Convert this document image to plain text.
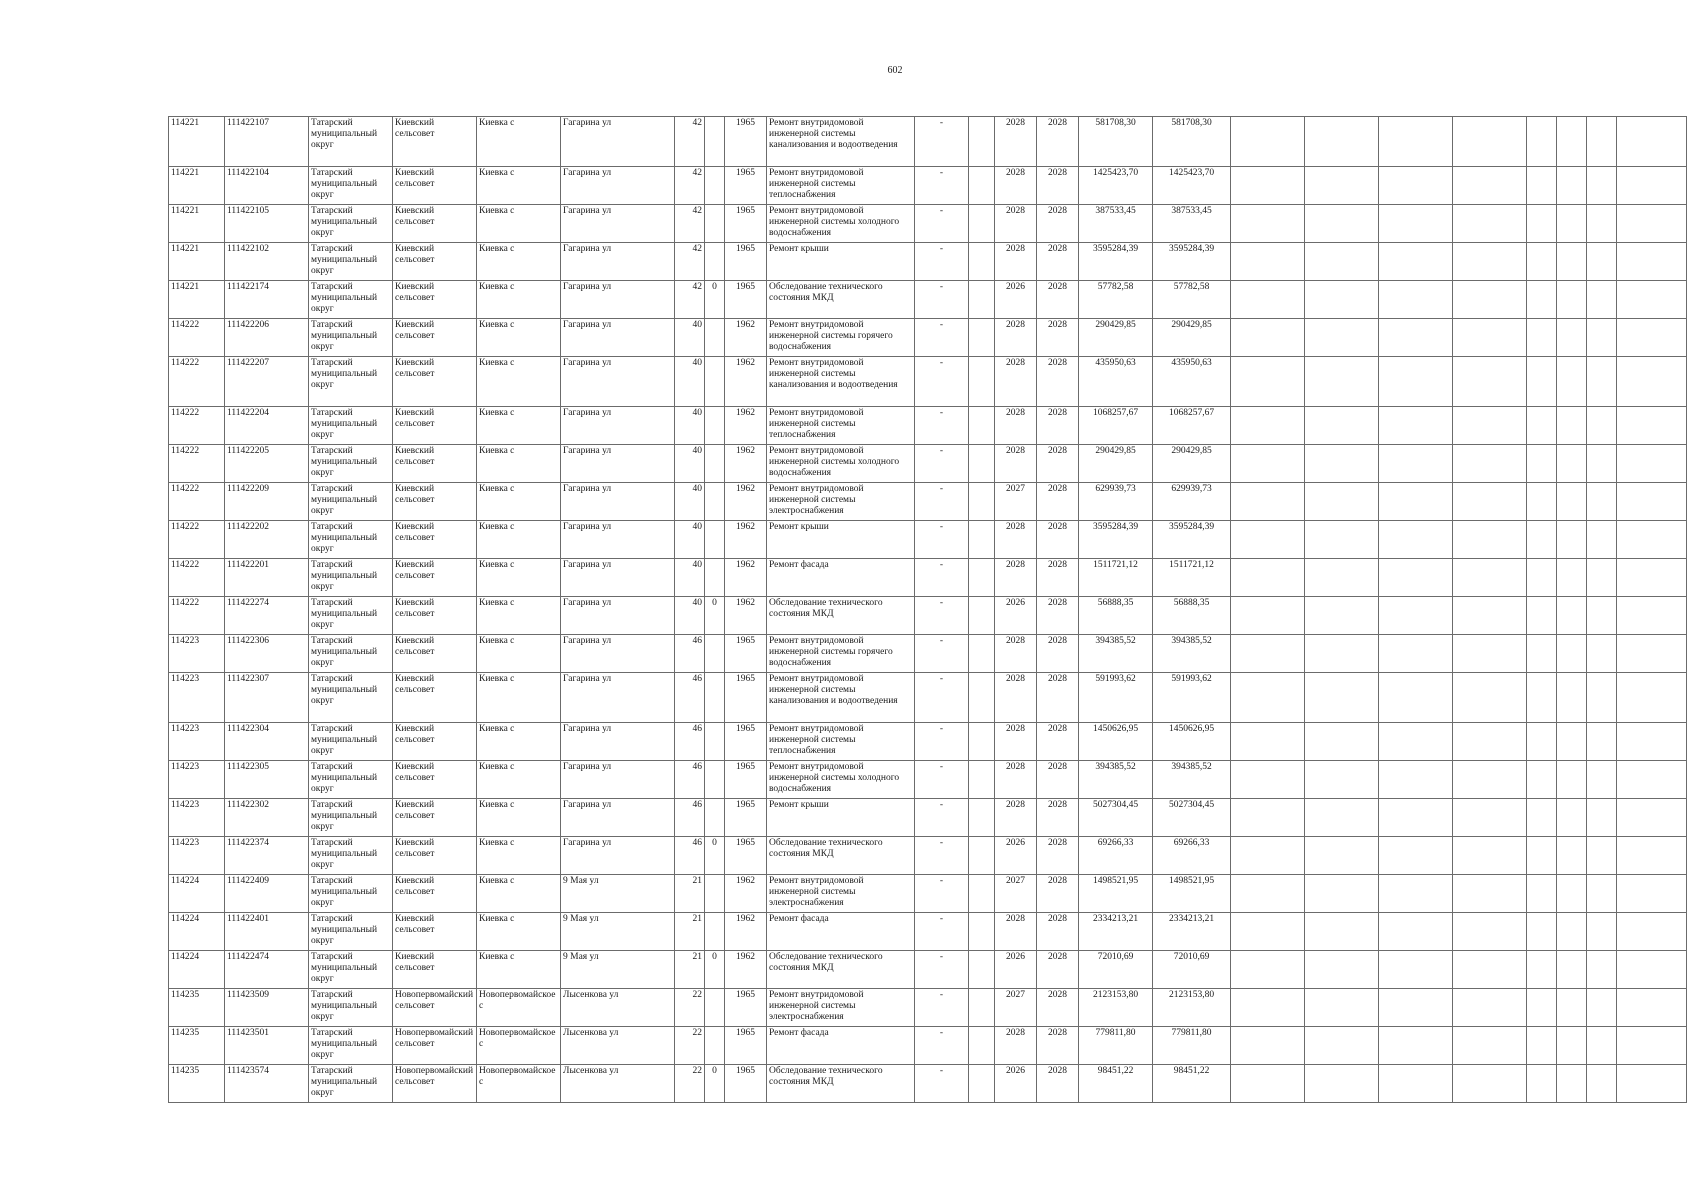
602
114221	111422107	Татарский муниципальный округ	Киевский сельсовет	Киевка с	Гагарина ул	42		1965	Ремонт внутридомовой инженерной системы канализования и водоотведения	-		2028	2028	581708,30	581708,30								
114221	111422104	Татарский муниципальный округ	Киевский сельсовет	Киевка с	Гагарина ул	42		1965	Ремонт внутридомовой инженерной системы теплоснабжения	-		2028	2028	1425423,70	1425423,70								
114221	111422105	Татарский муниципальный округ	Киевский сельсовет	Киевка с	Гагарина ул	42		1965	Ремонт внутридомовой инженерной системы холодного водоснабжения	-		2028	2028	387533,45	387533,45								
114221	111422102	Татарский муниципальный округ	Киевский сельсовет	Киевка с	Гагарина ул	42		1965	Ремонт крыши	-		2028	2028	3595284,39	3595284,39								
114221	111422174	Татарский муниципальный округ	Киевский сельсовет	Киевка с	Гагарина ул	42	0	1965	Обследование технического состояния МКД	-		2026	2028	57782,58	57782,58								
114222	111422206	Татарский муниципальный округ	Киевский сельсовет	Киевка с	Гагарина ул	40		1962	Ремонт внутридомовой инженерной системы горячего водоснабжения	-		2028	2028	290429,85	290429,85								
114222	111422207	Татарский муниципальный округ	Киевский сельсовет	Киевка с	Гагарина ул	40		1962	Ремонт внутридомовой инженерной системы канализования и водоотведения	-		2028	2028	435950,63	435950,63								
114222	111422204	Татарский муниципальный округ	Киевский сельсовет	Киевка с	Гагарина ул	40		1962	Ремонт внутридомовой инженерной системы теплоснабжения	-		2028	2028	1068257,67	1068257,67								
114222	111422205	Татарский муниципальный округ	Киевский сельсовет	Киевка с	Гагарина ул	40		1962	Ремонт внутридомовой инженерной системы холодного водоснабжения	-		2028	2028	290429,85	290429,85								
114222	111422209	Татарский муниципальный округ	Киевский сельсовет	Киевка с	Гагарина ул	40		1962	Ремонт внутридомовой инженерной системы электроснабжения	-		2027	2028	629939,73	629939,73								
114222	111422202	Татарский муниципальный округ	Киевский сельсовет	Киевка с	Гагарина ул	40		1962	Ремонт крыши	-		2028	2028	3595284,39	3595284,39								
114222	111422201	Татарский муниципальный округ	Киевский сельсовет	Киевка с	Гагарина ул	40		1962	Ремонт фасада	-		2028	2028	1511721,12	1511721,12								
114222	111422274	Татарский муниципальный округ	Киевский сельсовет	Киевка с	Гагарина ул	40	0	1962	Обследование технического состояния МКД	-		2026	2028	56888,35	56888,35								
114223	111422306	Татарский муниципальный округ	Киевский сельсовет	Киевка с	Гагарина ул	46		1965	Ремонт внутридомовой инженерной системы горячего водоснабжения	-		2028	2028	394385,52	394385,52								
114223	111422307	Татарский муниципальный округ	Киевский сельсовет	Киевка с	Гагарина ул	46		1965	Ремонт внутридомовой инженерной системы канализования и водоотведения	-		2028	2028	591993,62	591993,62								
114223	111422304	Татарский муниципальный округ	Киевский сельсовет	Киевка с	Гагарина ул	46		1965	Ремонт внутридомовой инженерной системы теплоснабжения	-		2028	2028	1450626,95	1450626,95								
114223	111422305	Татарский муниципальный округ	Киевский сельсовет	Киевка с	Гагарина ул	46		1965	Ремонт внутридомовой инженерной системы холодного водоснабжения	-		2028	2028	394385,52	394385,52								
114223	111422302	Татарский муниципальный округ	Киевский сельсовет	Киевка с	Гагарина ул	46		1965	Ремонт крыши	-		2028	2028	5027304,45	5027304,45								
114223	111422374	Татарский муниципальный округ	Киевский сельсовет	Киевка с	Гагарина ул	46	0	1965	Обследование технического состояния МКД	-		2026	2028	69266,33	69266,33								
114224	111422409	Татарский муниципальный округ	Киевский сельсовет	Киевка с	9 Мая ул	21		1962	Ремонт внутридомовой инженерной системы электроснабжения	-		2027	2028	1498521,95	1498521,95								
114224	111422401	Татарский муниципальный округ	Киевский сельсовет	Киевка с	9 Мая ул	21		1962	Ремонт фасада	-		2028	2028	2334213,21	2334213,21								
114224	111422474	Татарский муниципальный округ	Киевский сельсовет	Киевка с	9 Мая ул	21	0	1962	Обследование технического состояния МКД	-		2026	2028	72010,69	72010,69								
114235	111423509	Татарский муниципальный округ	Новопервомайский сельсовет	Новопервомайское с	Лысенкова ул	22		1965	Ремонт внутридомовой инженерной системы электроснабжения	-		2027	2028	2123153,80	2123153,80								
114235	111423501	Татарский муниципальный округ	Новопервомайский сельсовет	Новопервомайское с	Лысенкова ул	22		1965	Ремонт фасада	-		2028	2028	779811,80	779811,80								
114235	111423574	Татарский муниципальный округ	Новопервомайский сельсовет	Новопервомайское с	Лысенкова ул	22	0	1965	Обследование технического состояния МКД	-		2026	2028	98451,22	98451,22								
